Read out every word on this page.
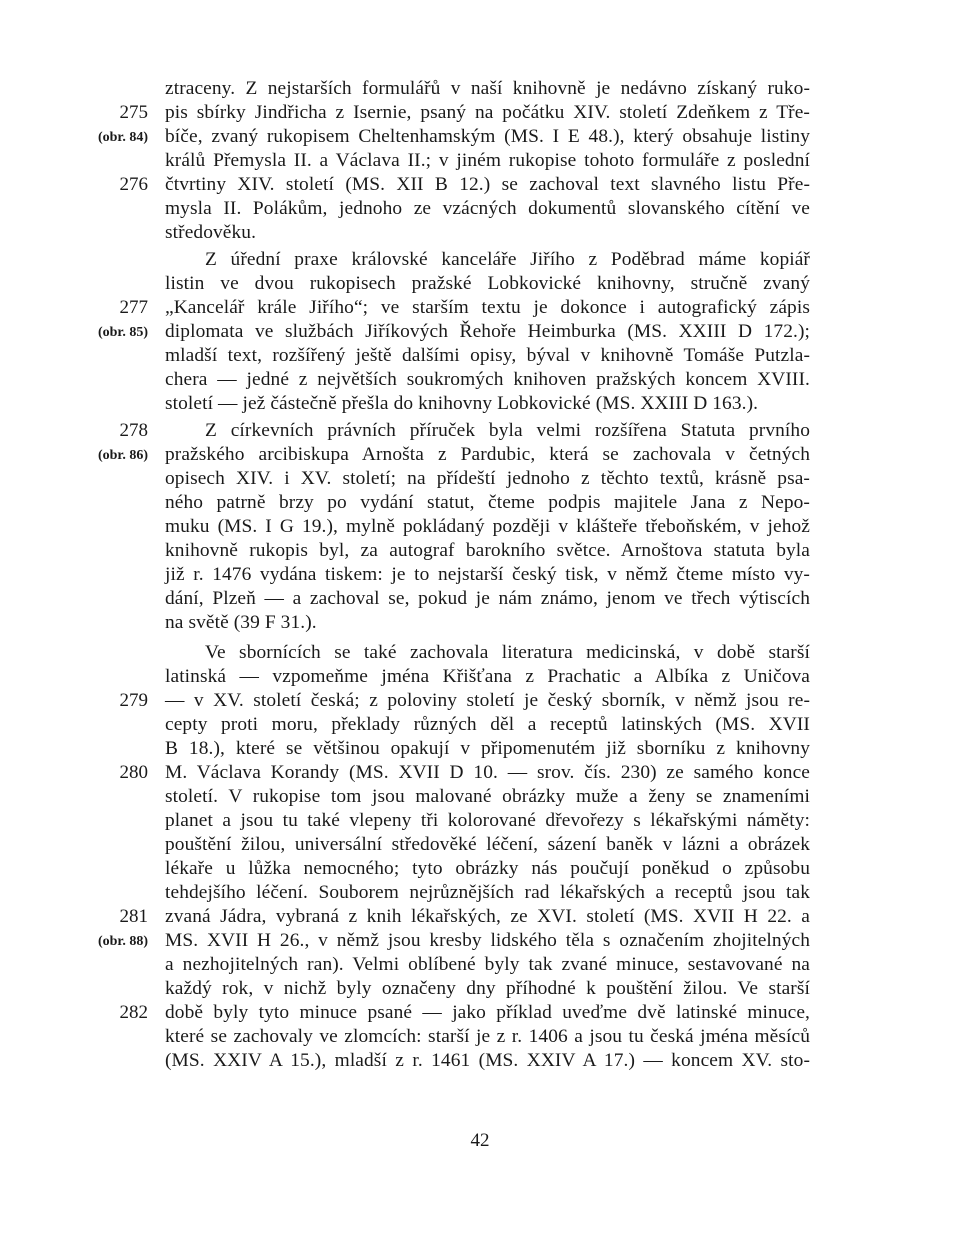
ztraceny. Z nejstarších formulářů v naší knihovně je nedávno získaný ruko-
pis sbírky Jindřicha z Isernie, psaný na počátku XIV. století Zdeňkem z Tře-
bíče, zvaný rukopisem Cheltenhamským (MS. I E 48.), který obsahuje listiny
králů Přemysla II. a Václava II.; v jiném rukopise tohoto formuláře z poslední
čtvrtiny XIV. století (MS. XII B 12.) se zachoval text slavného listu Pře-
mysla II. Polákům, jednoho ze vzácných dokumentů slovanského cítění ve
středověku.
Z úřední praxe královské kanceláře Jiřího z Poděbrad máme kopiář
listin ve dvou rukopisech pražské Lobkovické knihovny, stručně zvaný
„Kancelář krále Jiřího“; ve starším textu je dokonce i autografický zápis
diplomata ve službách Jiříkových Řehoře Heimburka (MS. XXIII D 172.);
mladší text, rozšířený ještě dalšími opisy, býval v knihovně Tomáše Putzla-
chera — jedné z největších soukromých knihoven pražských koncem XVIII.
století — jež částečně přešla do knihovny Lobkovické (MS. XXIII D 163.).
Z církevních právních příruček byla velmi rozšířena Statuta prvního
pražského arcibiskupa Arnošta z Pardubic, která se zachovala v četných
opisech XIV. i XV. století; na přídeští jednoho z těchto textů, krásně psa-
ného patrně brzy po vydání statut, čteme podpis majitele Jana z Nepo-
muku (MS. I G 19.), mylně pokládaný později v klášteře třeboňském, v jehož
knihovně rukopis byl, za autograf barokního světce. Arnoštova statuta byla
již r. 1476 vydána tiskem: je to nejstarší český tisk, v němž čteme místo vy-
dání, Plzeň — a zachoval se, pokud je nám známo, jenom ve třech výtiscích
na světě (39 F 31.).
Ve sbornících se také zachovala literatura medicinská, v době starší
latinská — vzpomeňme jména Křišťana z Prachatic a Albíka z Uničova
— v XV. století česká; z poloviny století je český sborník, v němž jsou re-
cepty proti moru, překlady různých děl a receptů latinských (MS. XVII
B 18.), které se většinou opakují v připomenutém již sborníku z knihovny
M. Václava Korandy (MS. XVII D 10. — srov. čís. 230) ze samého konce
století. V rukopise tom jsou malované obrázky muže a ženy se znameními
planet a jsou tu také vlepeny tři kolorované dřevořezy s lékařskými náměty:
pouštění žilou, universální středověké léčení, sázení baněk v lázni a obrázek
lékaře u lůžka nemocného; tyto obrázky nás poučují poněkud o způsobu
tehdejšího léčení. Souborem nejrůznějších rad lékařských a receptů jsou tak
zvaná Jádra, vybraná z knih lékařských, ze XVI. století (MS. XVII H 22. a
MS. XVII H 26., v němž jsou kresby lidského těla s označením zhojitelných
a nezhojitelných ran). Velmi oblíbené byly tak zvané minuce, sestavované na
každý rok, v nichž byly označeny dny příhodné k pouštění žilou. Ve starší
době byly tyto minuce psané — jako příklad uveďme dvě latinské minuce,
které se zachovaly ve zlomcích: starší je z r. 1406 a jsou tu česká jména měsíců
(MS. XXIV A 15.), mladší z r. 1461 (MS. XXIV A 17.) — koncem XV. sto-
275
(obr. 84)
276
277
(obr. 85)
278
(obr. 86)
279
280
281
(obr. 88)
282
42
